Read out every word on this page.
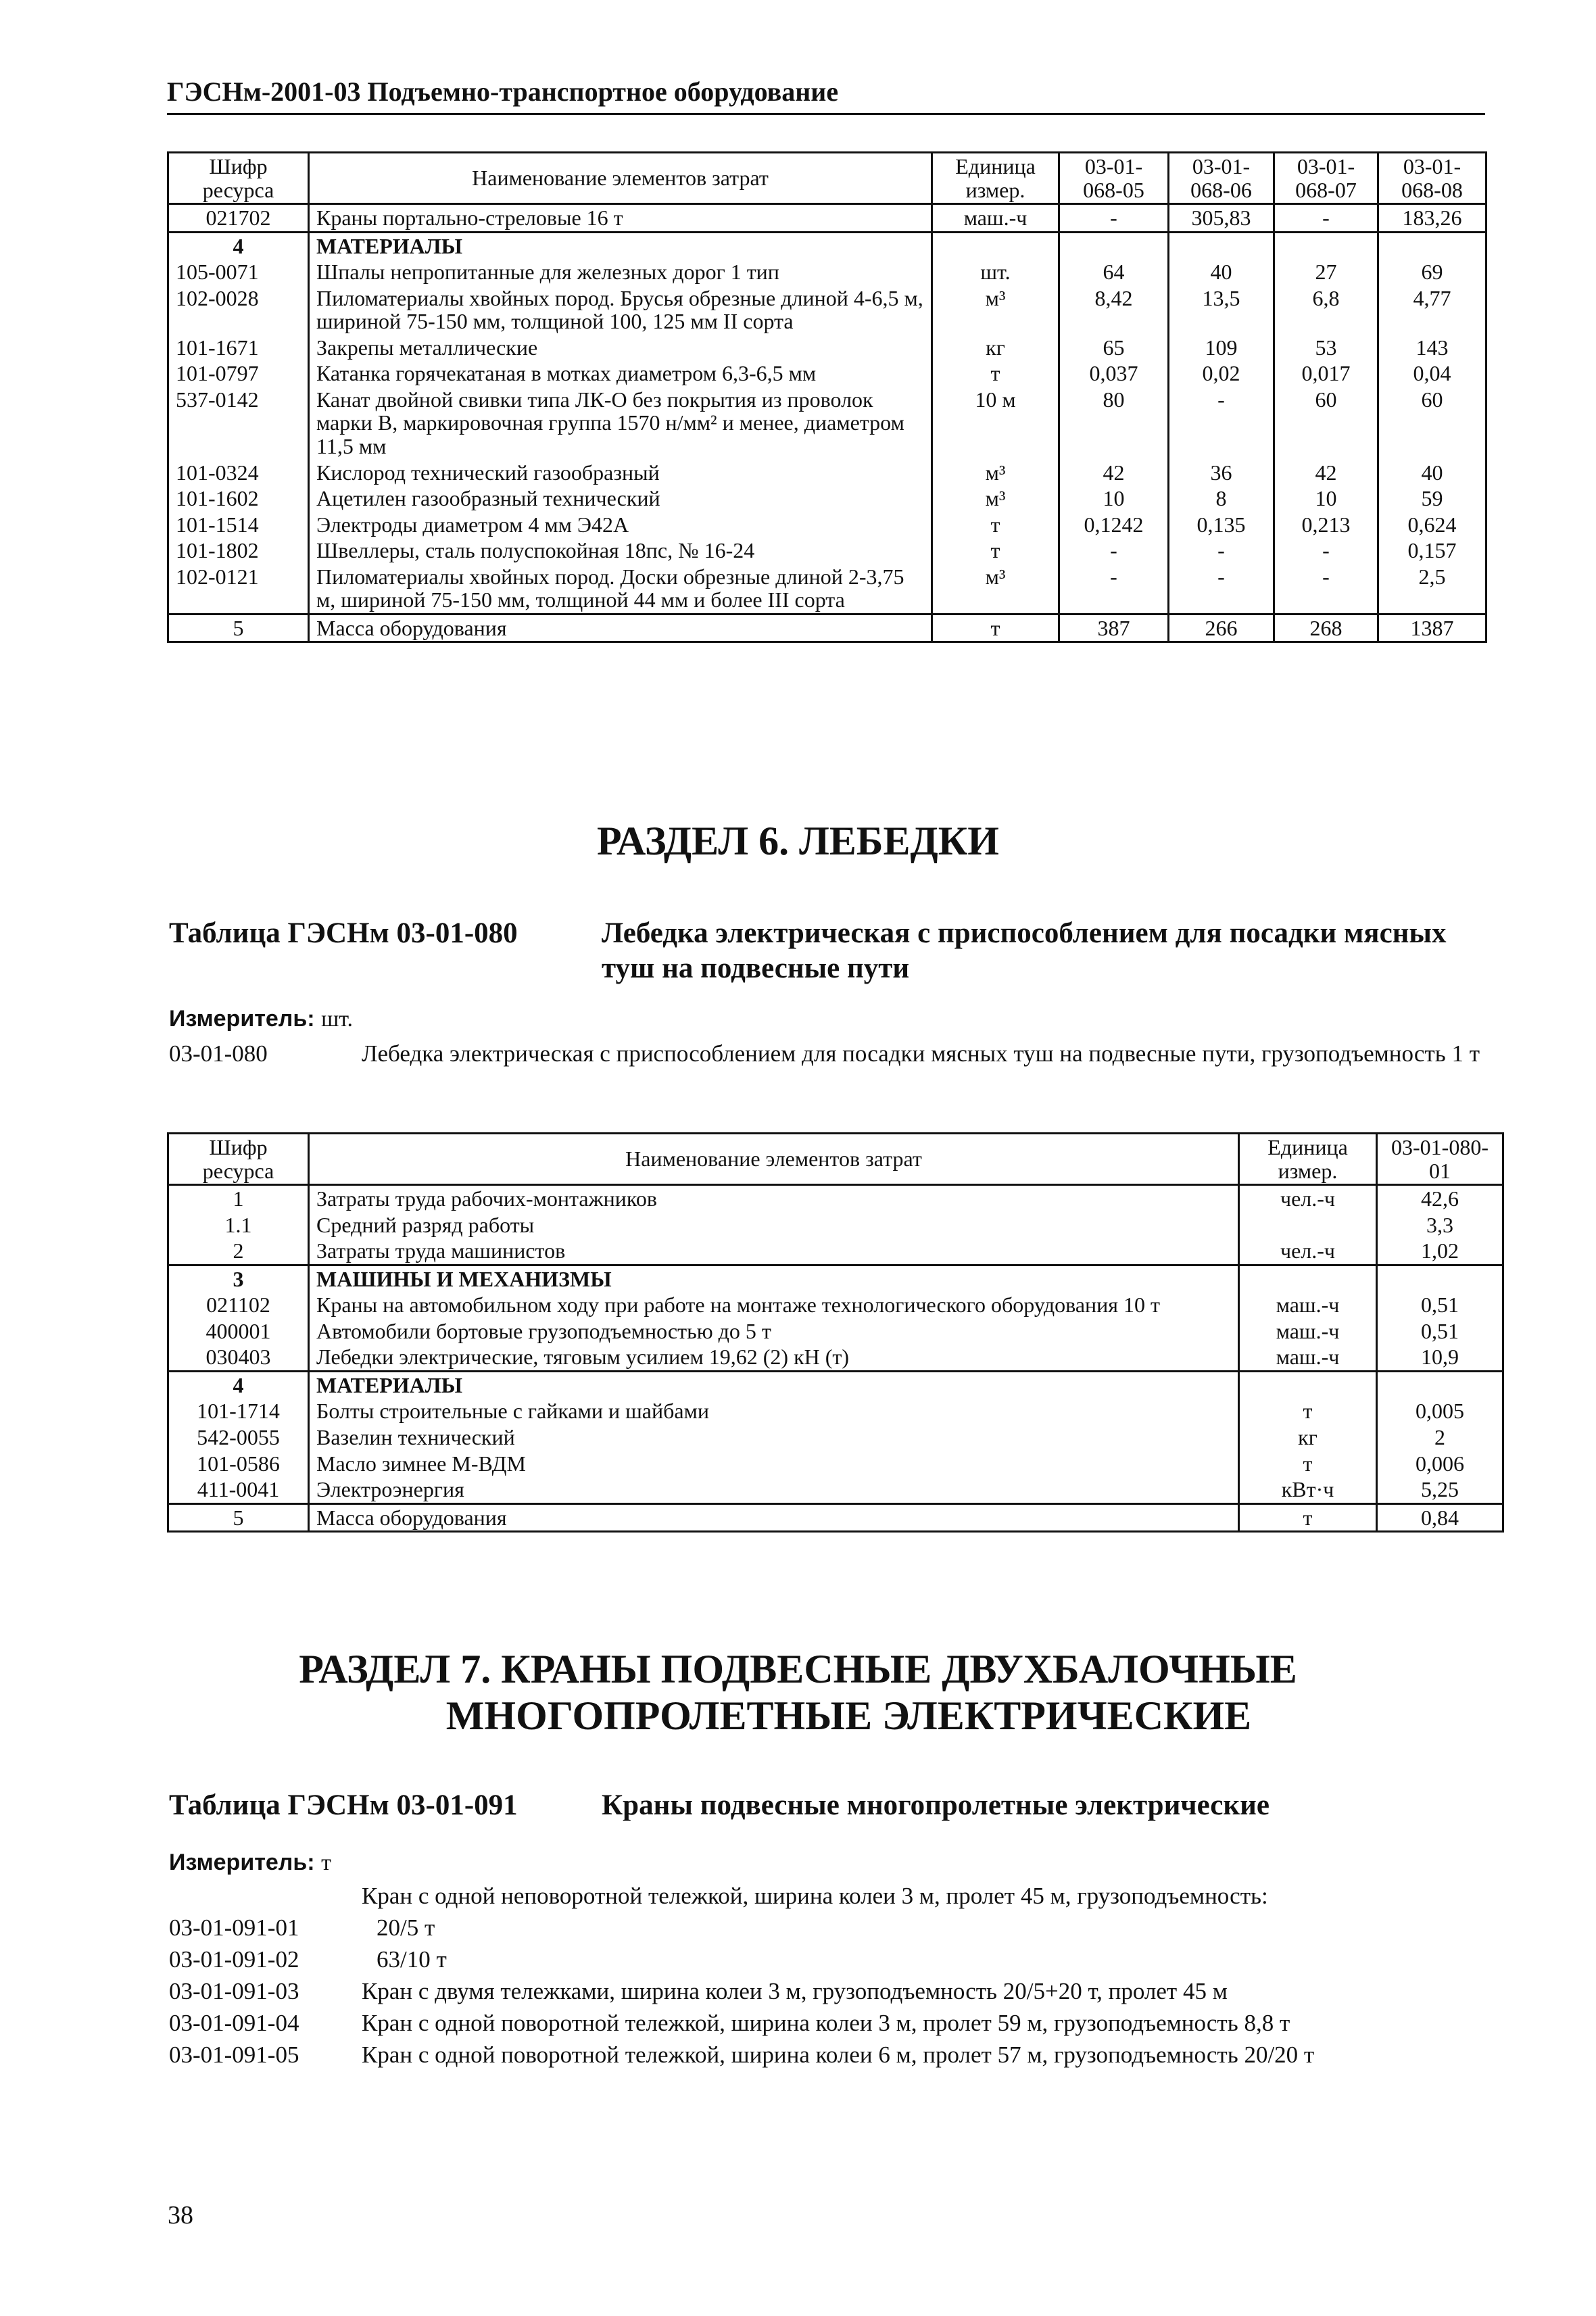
ГЭСНм-2001-03 Подъемно-транспортное оборудование
Шифр ресурса	Наименование элементов затрат	Единица измер.	03-01-068-05	03-01-068-06	03-01-068-07	03-01-068-08
021702	Краны портально-стреловые 16 т	маш.-ч	-	305,83	-	183,26
4	МАТЕРИАЛЫ					
105-0071	Шпалы непропитанные для железных дорог 1 тип	шт.	64	40	27	69
102-0028	Пиломатериалы хвойных пород. Брусья обрезные длиной 4-6,5 м, шириной 75-150 мм, толщиной 100, 125 мм II сорта	м³	8,42	13,5	6,8	4,77
101-1671	Закрепы металлические	кг	65	109	53	143
101-0797	Катанка горячекатаная в мотках диаметром 6,3-6,5 мм	т	0,037	0,02	0,017	0,04
537-0142	Канат двойной свивки типа ЛК-О без покрытия из проволок марки В, маркировочная группа 1570 н/мм² и менее, диаметром 11,5 мм	10 м	80	-	60	60
101-0324	Кислород технический газообразный	м³	42	36	42	40
101-1602	Ацетилен газообразный технический	м³	10	8	10	59
101-1514	Электроды диаметром 4 мм Э42А	т	0,1242	0,135	0,213	0,624
101-1802	Швеллеры, сталь полуспокойная 18пс, № 16-24	т	-	-	-	0,157
102-0121	Пиломатериалы хвойных пород. Доски обрезные длиной 2-3,75 м, шириной 75-150 мм, толщиной 44 мм и более III сорта	м³	-	-	-	2,5
5	Масса оборудования	т	387	266	268	1387
РАЗДЕЛ 6. ЛЕБЕДКИ
Таблица ГЭСНм 03-01-080	Лебедка электрическая с приспособлением для посадки мясных туш на подвесные пути
Измеритель: шт.
03-01-080	Лебедка электрическая с приспособлением для посадки мясных туш на подвесные пути, грузоподъемность 1 т
Шифр ресурса	Наименование элементов затрат	Единица измер.	03-01-080-01
1	Затраты труда рабочих-монтажников	чел.-ч	42,6
1.1	Средний разряд работы		3,3
2	Затраты труда машинистов	чел.-ч	1,02
3	МАШИНЫ И МЕХАНИЗМЫ		
021102	Краны на автомобильном ходу при работе на монтаже технологического оборудования 10 т	маш.-ч	0,51
400001	Автомобили бортовые грузоподъемностью до 5 т	маш.-ч	0,51
030403	Лебедки электрические, тяговым усилием 19,62 (2) кН (т)	маш.-ч	10,9
4	МАТЕРИАЛЫ		
101-1714	Болты строительные с гайками и шайбами	т	0,005
542-0055	Вазелин технический	кг	2
101-0586	Масло зимнее М-ВДМ	т	0,006
411-0041	Электроэнергия	кВт·ч	5,25
5	Масса оборудования	т	0,84
РАЗДЕЛ 7. КРАНЫ ПОДВЕСНЫЕ ДВУХБАЛОЧНЫЕ
МНОГОПРОЛЕТНЫЕ ЭЛЕКТРИЧЕСКИЕ
Таблица ГЭСНм 03-01-091	Краны подвесные многопролетные электрические
Измеритель: т
Кран с одной неповоротной тележкой, ширина колеи 3 м, пролет 45 м, грузоподъемность:
03-01-091-01	20/5 т
03-01-091-02	63/10 т
03-01-091-03	Кран с двумя тележками, ширина колеи 3 м, грузоподъемность 20/5+20 т, пролет 45 м
03-01-091-04	Кран с одной поворотной тележкой, ширина колеи 3 м, пролет 59 м, грузоподъемность 8,8 т
03-01-091-05	Кран с одной поворотной тележкой, ширина колеи 6 м, пролет 57 м, грузоподъемность 20/20 т
38
